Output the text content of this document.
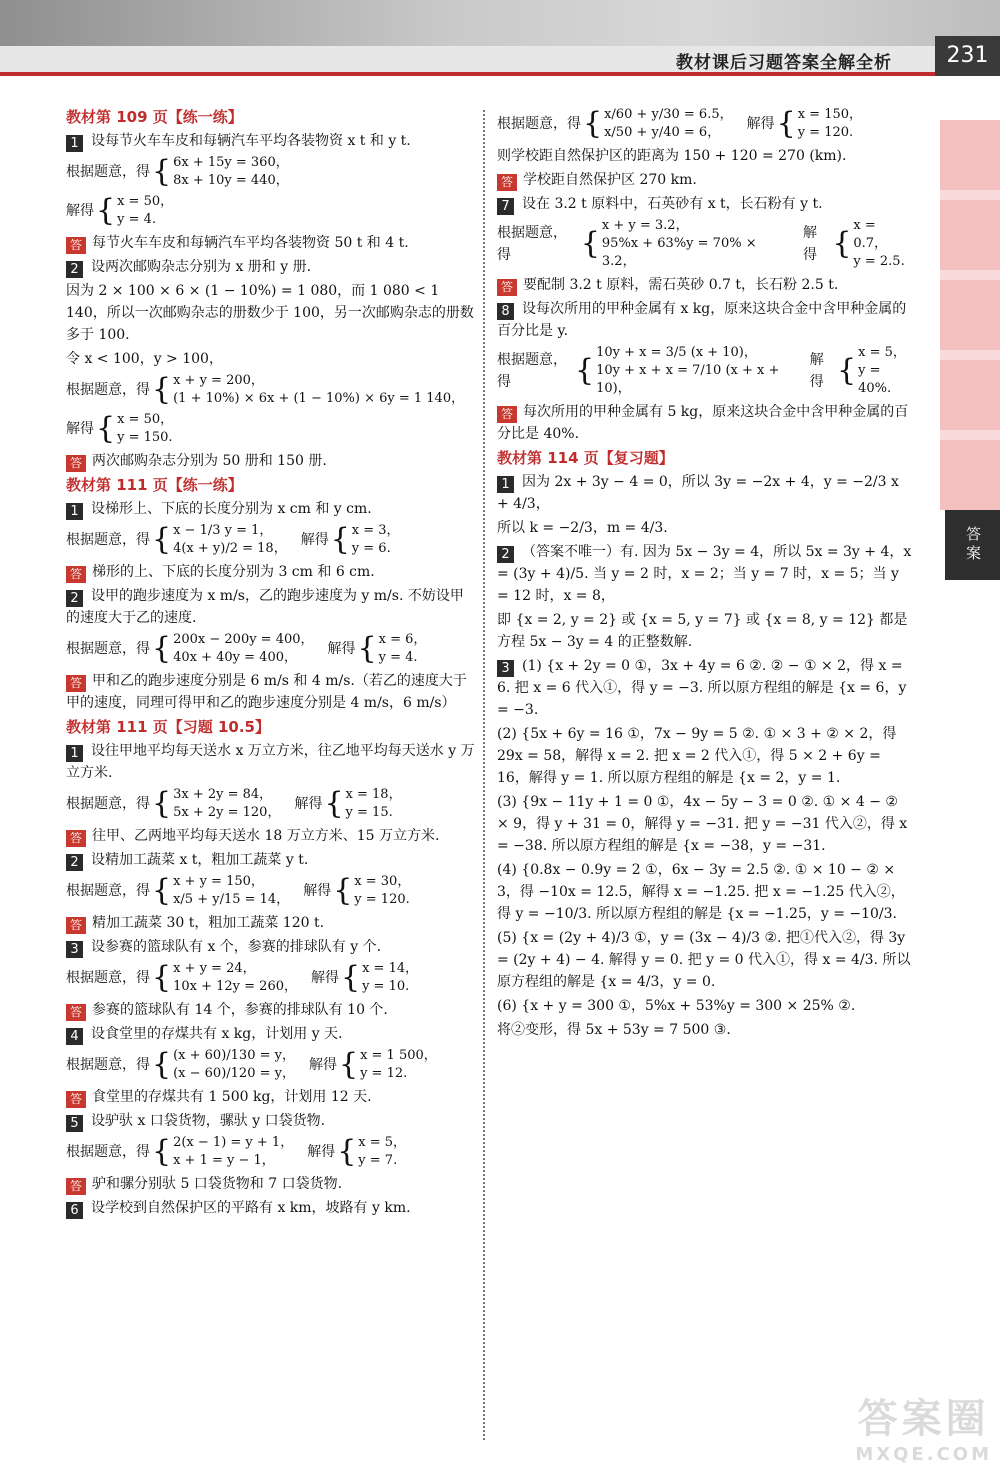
教材课后习题答案全解全析	231
答案
教材第 109 页【练一练】
1 设每节火车车皮和每辆汽车平均各装物资 x t 和 y t.
根据题意，得 { 6x + 15y = 360，
8x + 10y = 440，
解得 { x = 50，
y = 4.
答 每节火车车皮和每辆汽车平均各装物资 50 t 和 4 t.
2 设两次邮购杂志分别为 x 册和 y 册.
因为 2 × 100 × 6 × (1 − 10%) = 1 080，而 1 080 < 1 140，所以一次邮购杂志的册数少于 100，另一次邮购杂志的册数多于 100.
令 x < 100，y > 100，
根据题意，得 { x + y = 200，
(1 + 10%) × 6x + (1 − 10%) × 6y = 1 140，
解得 { x = 50，
y = 150.
答 两次邮购杂志分别为 50 册和 150 册.
教材第 111 页【练一练】
1 设梯形上、下底的长度分别为 x cm 和 y cm.
根据题意，得 { x − 1/3 y = 1，
4(x + y)/2 = 18，
解得 { x = 3，
y = 6.
答 梯形的上、下底的长度分别为 3 cm 和 6 cm.
2 设甲的跑步速度为 x m/s，乙的跑步速度为 y m/s. 不妨设甲的速度大于乙的速度.
根据题意，得 { 200x − 200y = 400，
40x + 40y = 400，
解得 { x = 6，
y = 4.
答 甲和乙的跑步速度分别是 6 m/s 和 4 m/s.（若乙的速度大于甲的速度，同理可得甲和乙的跑步速度分别是 4 m/s，6 m/s）
教材第 111 页【习题 10.5】
1 设往甲地平均每天送水 x 万立方米，往乙地平均每天送水 y 万立方米.
根据题意，得 { 3x + 2y = 84，
5x + 2y = 120，
解得 { x = 18，
y = 15.
答 往甲、乙两地平均每天送水 18 万立方米、15 万立方米.
2 设精加工蔬菜 x t，粗加工蔬菜 y t.
根据题意，得 { x + y = 150，
x/5 + y/15 = 14，
解得 { x = 30，
y = 120.
答 精加工蔬菜 30 t，粗加工蔬菜 120 t.
3 设参赛的篮球队有 x 个，参赛的排球队有 y 个.
根据题意，得 { x + y = 24，
10x + 12y = 260，
解得 { x = 14，
y = 10.
答 参赛的篮球队有 14 个，参赛的排球队有 10 个.
4 设食堂里的存煤共有 x kg，计划用 y 天.
根据题意，得 { (x + 60)/130 = y，
(x − 60)/120 = y，
解得 { x = 1 500，
y = 12.
答 食堂里的存煤共有 1 500 kg，计划用 12 天.
5 设驴驮 x 口袋货物，骡驮 y 口袋货物.
根据题意，得 { 2(x − 1) = y + 1，
x + 1 = y − 1，
解得 { x = 5，
y = 7.
答 驴和骡分别驮 5 口袋货物和 7 口袋货物.
6 设学校到自然保护区的平路有 x km，坡路有 y km.
根据题意，得 { x/60 + y/30 = 6.5，
x/50 + y/40 = 6，
解得 { x = 150，
y = 120.
则学校距自然保护区的距离为 150 + 120 = 270 (km).
答 学校距自然保护区 270 km.
7 设在 3.2 t 原料中，石英砂有 x t，长石粉有 y t.
根据题意，得	{
x + y = 3.2，
95%x + 63%y = 70% × 3.2，
解得 {
x = 0.7，
y = 2.5.
答 要配制 3.2 t 原料，需石英砂 0.7 t，长石粉 2.5 t.
8 设每次所用的甲种金属有 x kg，原来这块合金中含甲种金属的百分比是 y.
根据题意，得	{
10y + x = 3/5 (x + 10)，
10y + x + x = 7/10 (x + x + 10)，
解得 {
x = 5，
y = 40%.
答 每次所用的甲种金属有 5 kg，原来这块合金中含甲种金属的百分比是 40%.
教材第 114 页【复习题】
1 因为 2x + 3y − 4 = 0，所以 3y = −2x + 4，y = −2/3 x + 4/3，
所以 k = −2/3，m = 4/3.
2 （答案不唯一）有. 因为 5x − 3y = 4，所以 5x = 3y + 4，x = (3y + 4)/5. 当 y = 2 时，x = 2；当 y = 7 时，x = 5；当 y = 12 时，x = 8，
即 {x = 2, y = 2} 或 {x = 5, y = 7} 或 {x = 8, y = 12} 都是方程 5x − 3y = 4 的正整数解.
3 (1) {x + 2y = 0 ①，3x + 4y = 6 ②. ② − ① × 2，得 x = 6. 把 x = 6 代入①，得 y = −3. 所以原方程组的解是 {x = 6，y = −3.
(2) {5x + 6y = 16 ①，7x − 9y = 5 ②. ① × 3 + ② × 2，得 29x = 58，解得 x = 2. 把 x = 2 代入①，得 5 × 2 + 6y = 16，解得 y = 1. 所以原方程组的解是 {x = 2，y = 1.
(3) {9x − 11y + 1 = 0 ①，4x − 5y − 3 = 0 ②. ① × 4 − ② × 9，得 y + 31 = 0，解得 y = −31. 把 y = −31 代入②，得 x = −38. 所以原方程组的解是 {x = −38，y = −31.
(4) {0.8x − 0.9y = 2 ①，6x − 3y = 2.5 ②. ① × 10 − ② × 3，得 −10x = 12.5，解得 x = −1.25. 把 x = −1.25 代入②，得 y = −10/3. 所以原方程组的解是 {x = −1.25，y = −10/3.
(5) {x = (2y + 4)/3 ①，y = (3x − 4)/3 ②. 把①代入②，得 3y = (2y + 4) − 4. 解得 y = 0. 把 y = 0 代入①，得 x = 4/3. 所以原方程组的解是 {x = 4/3，y = 0.
(6) {x + y = 300 ①，5%x + 53%y = 300 × 25% ②.
将②变形，得 5x + 53y = 7 500 ③.
答案圈
MXQE.COM
